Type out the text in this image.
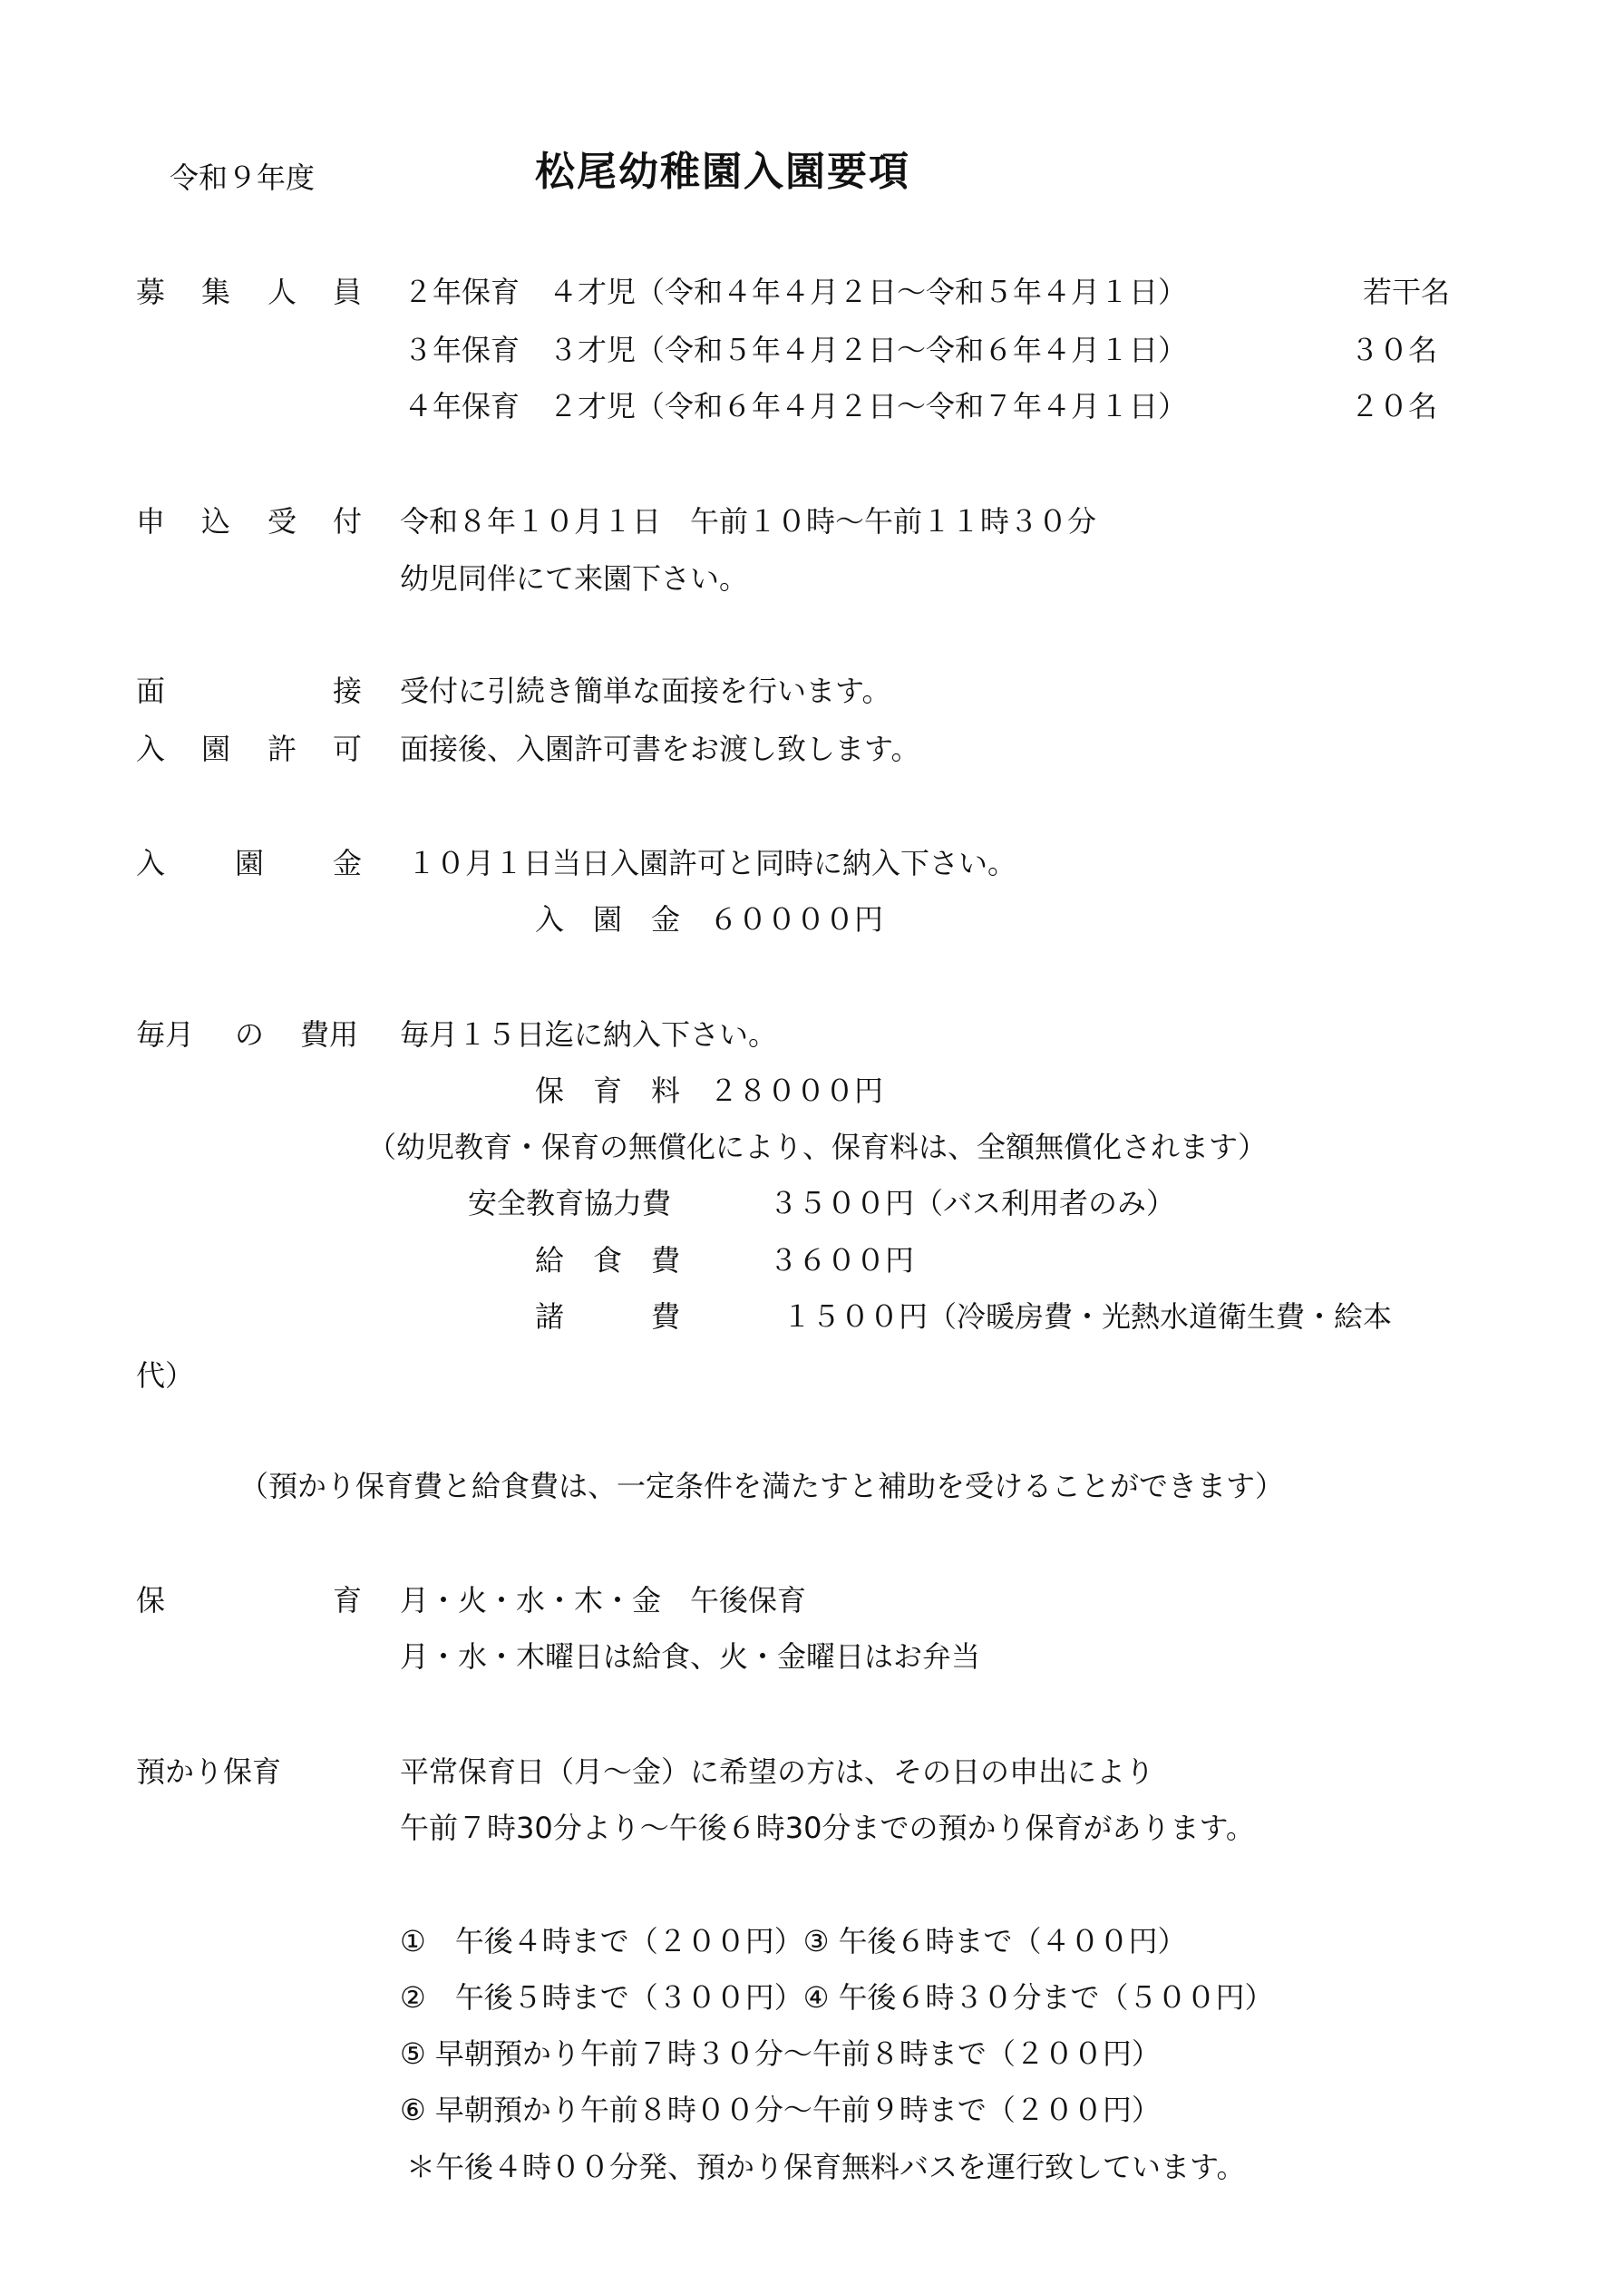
令和９年度	松尾幼稚園入園要項
募 集 人 員 ２年保育　４才児（令和４年４月２日～令和５年４月１日）	若干名
３年保育　３才児（令和５年４月２日～令和６年４月１日）	３０名
４年保育　２才児（令和６年４月２日～令和７年４月１日）	２０名
申 込 受 付 令和８年１０月１日　午前１０時～午前１１時３０分
幼児同伴にて来園下さい。
面	接 受付に引続き簡単な面接を行います。
入 園 許 可 面接後、入園許可書をお渡し致します。
入 園 金 １０月１日当日入園許可と同時に納入下さい。
入　園　金　６００００円
毎月 の 費用 毎月１５日迄に納入下さい。
保　育　料　２８０００円
（幼児教育・保育の無償化により、保育料は、全額無償化されます）
安全教育協力費	３５００円（バス利用者のみ）
給　食　費	３６００円
諸　　　費	１５００円（冷暖房費・光熱水道衛生費・絵本
代）
（預かり保育費と給食費は、一定条件を満たすと補助を受けることができます）
保	育 月・火・水・木・金　午後保育
月・水・木曜日は給食、火・金曜日はお弁当
預かり保育	平常保育日（月～金）に希望の方は、その日の申出により
午前７時30分より～午後６時30分までの預かり保育があります。
①　午後４時まで（２００円）③ 午後６時まで（４００円）
②　午後５時まで（３００円）④ 午後６時３０分まで（５００円）
⑤ 早朝預かり午前７時３０分～午前８時まで（２００円）
⑥ 早朝預かり午前８時００分～午前９時まで（２００円）
＊午後４時００分発、預かり保育無料バスを運行致しています。
